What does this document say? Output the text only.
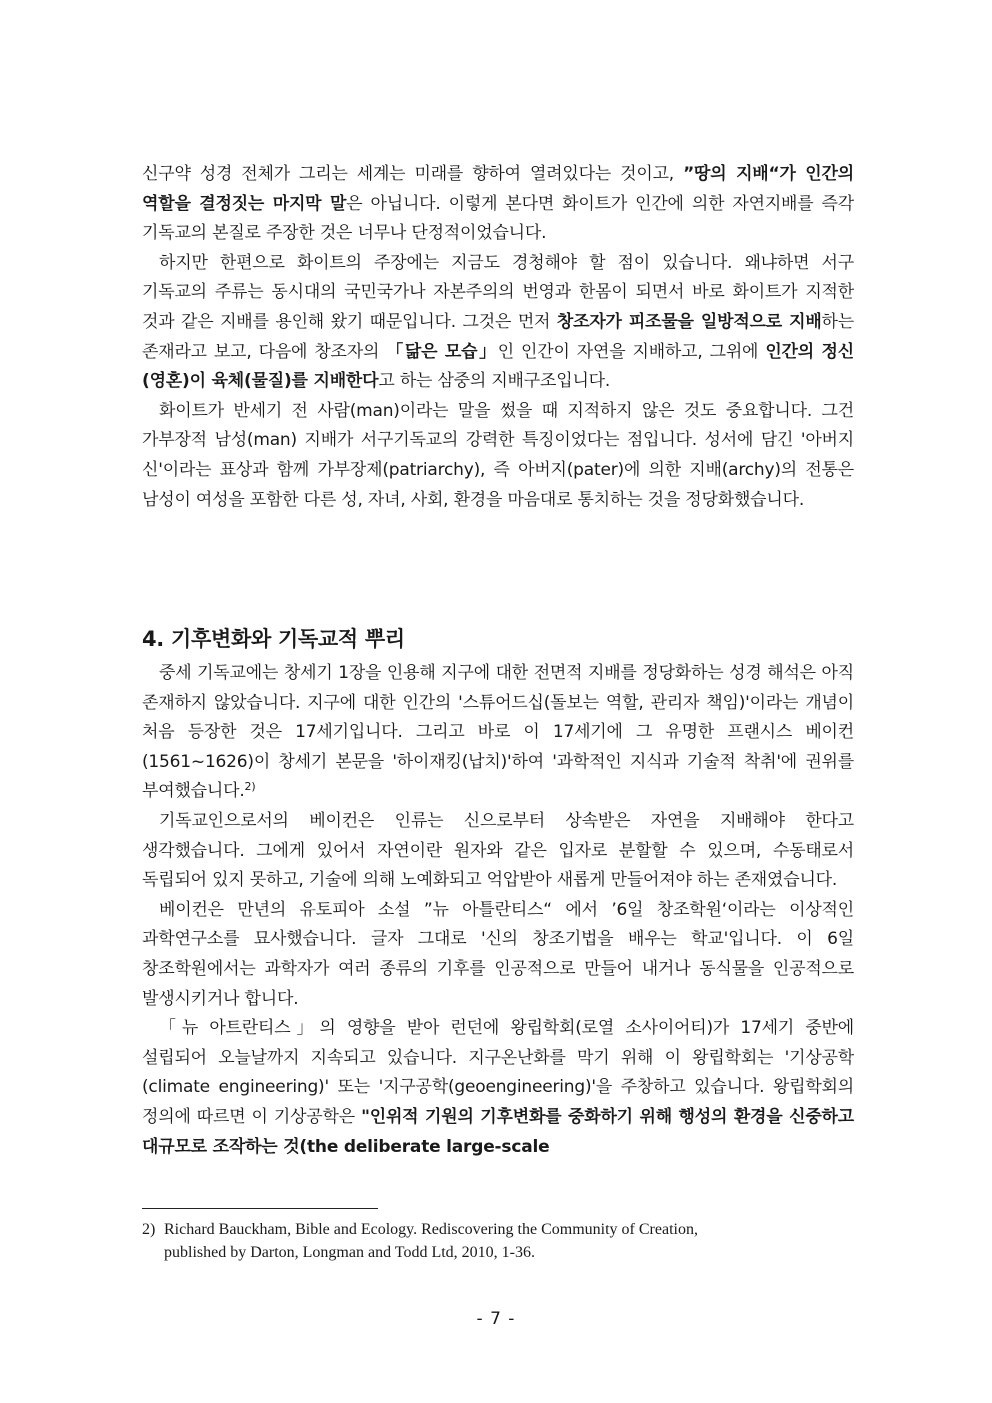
신구약 성경 전체가 그리는 세계는 미래를 향하여 열려있다는 것이고, ”땅의 지배“가 인간의 역할을 결정짓는 마지막 말은 아닙니다. 이렇게 본다면 화이트가 인간에 의한 자연지배를 즉각 기독교의 본질로 주장한 것은 너무나 단정적이었습니다.

하지만 한편으로 화이트의 주장에는 지금도 경청해야 할 점이 있습니다. 왜냐하면 서구 기독교의 주류는 동시대의 국민국가나 자본주의의 번영과 한몸이 되면서 바로 화이트가 지적한 것과 같은 지배를 용인해 왔기 때문입니다. 그것은 먼저 창조자가 피조물을 일방적으로 지배하는 존재라고 보고, 다음에 창조자의 「닮은 모습」인 인간이 자연을 지배하고, 그위에 인간의 정신(영혼)이 육체(물질)를 지배한다고 하는 삼중의 지배구조입니다.

화이트가 반세기 전 사람(man)이라는 말을 썼을 때 지적하지 않은 것도 중요합니다. 그건 가부장적 남성(man) 지배가 서구기독교의 강력한 특징이었다는 점입니다. 성서에 담긴 '아버지 신'이라는 표상과 함께 가부장제(patriarchy), 즉 아버지(pater)에 의한 지배(archy)의 전통은 남성이 여성을 포함한 다른 성, 자녀, 사회, 환경을 마음대로 통치하는 것을 정당화했습니다.

4. 기후변화와 기독교적 뿌리

중세 기독교에는 창세기 1장을 인용해 지구에 대한 전면적 지배를 정당화하는 성경 해석은 아직 존재하지 않았습니다. 지구에 대한 인간의 '스튜어드십(돌보는 역할, 관리자 책임)'이라는 개념이 처음 등장한 것은 17세기입니다. 그리고 바로 이 17세기에 그 유명한 프랜시스 베이컨(1561~1626)이 창세기 본문을 '하이재킹(납치)'하여 '과학적인 지식과 기술적 착취'에 권위를 부여했습니다.$^{2)}$

기독교인으로서의 베이컨은 인류는 신으로부터 상속받은 자연을 지배해야 한다고 생각했습니다. 그에게 있어서 자연이란 원자와 같은 입자로 분할할 수 있으며, 수동태로서 독립되어 있지 못하고, 기술에 의해 노예화되고 억압받아 새롭게 만들어져야 하는 존재였습니다.

베이컨은 만년의 유토피아 소설 ”뉴 아틀란티스“ 에서 ’6일 창조학원‘이라는 이상적인 과학연구소를 묘사했습니다. 글자 그대로 '신의 창조기법을 배우는 학교'입니다. 이 6일 창조학원에서는 과학자가 여러 종류의 기후를 인공적으로 만들어 내거나 동식물을 인공적으로 발생시키거나 합니다.

「뉴 아트란티스」의 영향을 받아 런던에 왕립학회(로열 소사이어티)가 17세기 중반에 설립되어 오늘날까지 지속되고 있습니다. 지구온난화를 막기 위해 이 왕립학회는 '기상공학(climate engineering)' 또는 '지구공학(geoengineering)'을 주창하고 있습니다. 왕립학회의 정의에 따르면 이 기상공학은 "인위적 기원의 기후변화를 중화하기 위해 행성의 환경을 신중하고 대규모로 조작하는 것(the deliberate large-scale

2) Richard Bauckham, Bible and Ecology. Rediscovering the Community of Creation,
published by Darton, Longman and Todd Ltd, 2010, 1-36.
- 7 -
